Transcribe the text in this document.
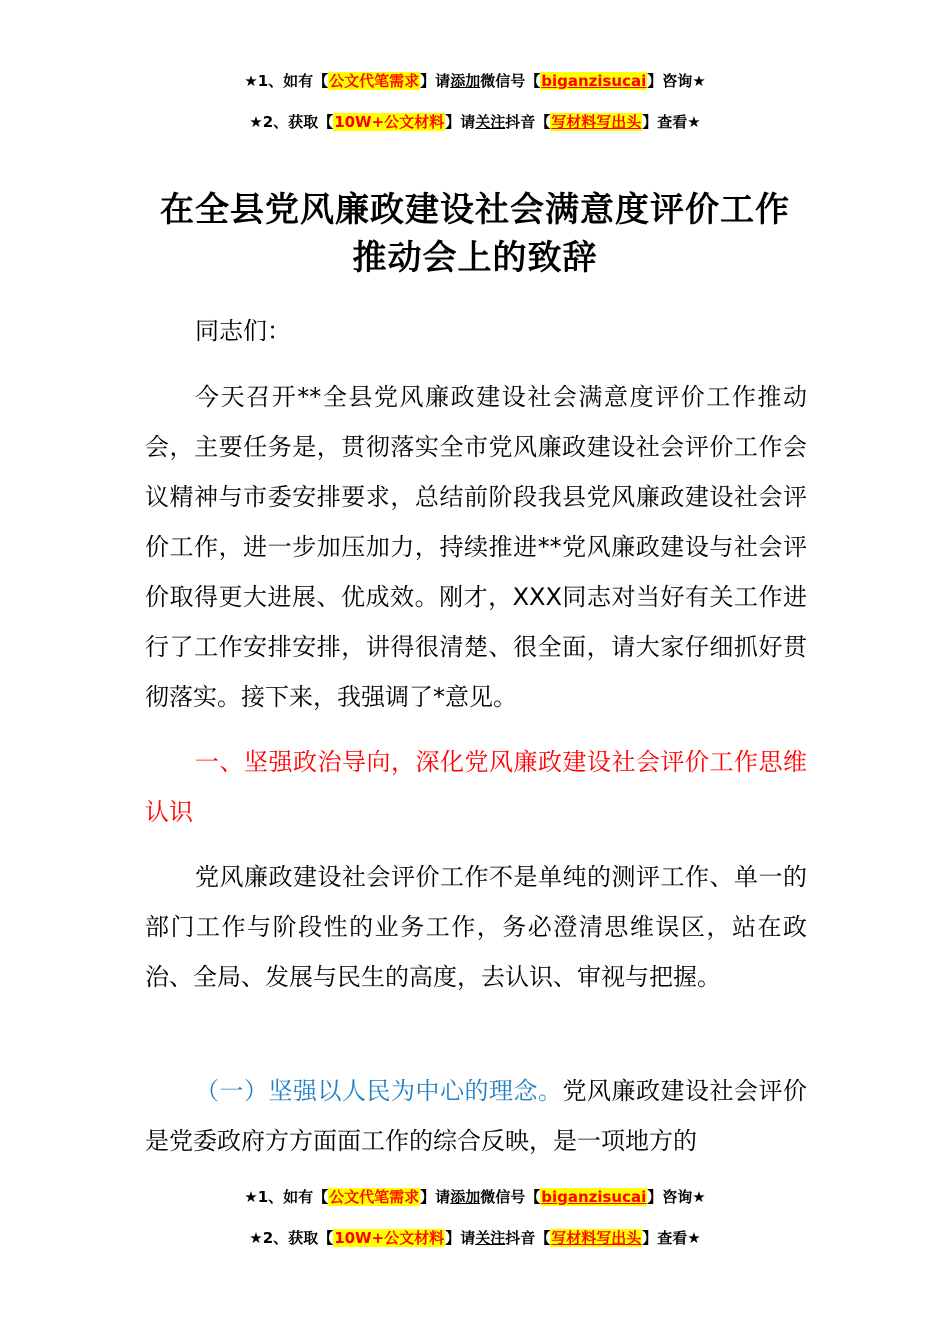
★1、如有【公文代笔需求】请添加微信号【biganzisucai】咨询★
★2、获取【10W+公文材料】请关注抖音【写材料写出头】查看★
在全县党风廉政建设社会满意度评价工作
推动会上的致辞
同志们：
今天召开**全县党风廉政建设社会满意度评价工作推动会，主要任务是，贯彻落实全市党风廉政建设社会评价工作会议精神与市委安排要求，总结前阶段我县党风廉政建设社会评价工作，进一步加压加力，持续推进**党风廉政建设与社会评价取得更大进展、优成效。刚才，XXX同志对当好有关工作进行了工作安排安排，讲得很清楚、很全面，请大家仔细抓好贯彻落实。接下来，我强调了*意见。
一、坚强政治导向，深化党风廉政建设社会评价工作思维认识
党风廉政建设社会评价工作不是单纯的测评工作、单一的部门工作与阶段性的业务工作，务必澄清思维误区，站在政治、全局、发展与民生的高度，去认识、审视与把握。
（一）坚强以人民为中心的理念。党风廉政建设社会评价是党委政府方方面面工作的综合反映，是一项地方的
★1、如有【公文代笔需求】请添加微信号【biganzisucai】咨询★
★2、获取【10W+公文材料】请关注抖音【写材料写出头】查看★
